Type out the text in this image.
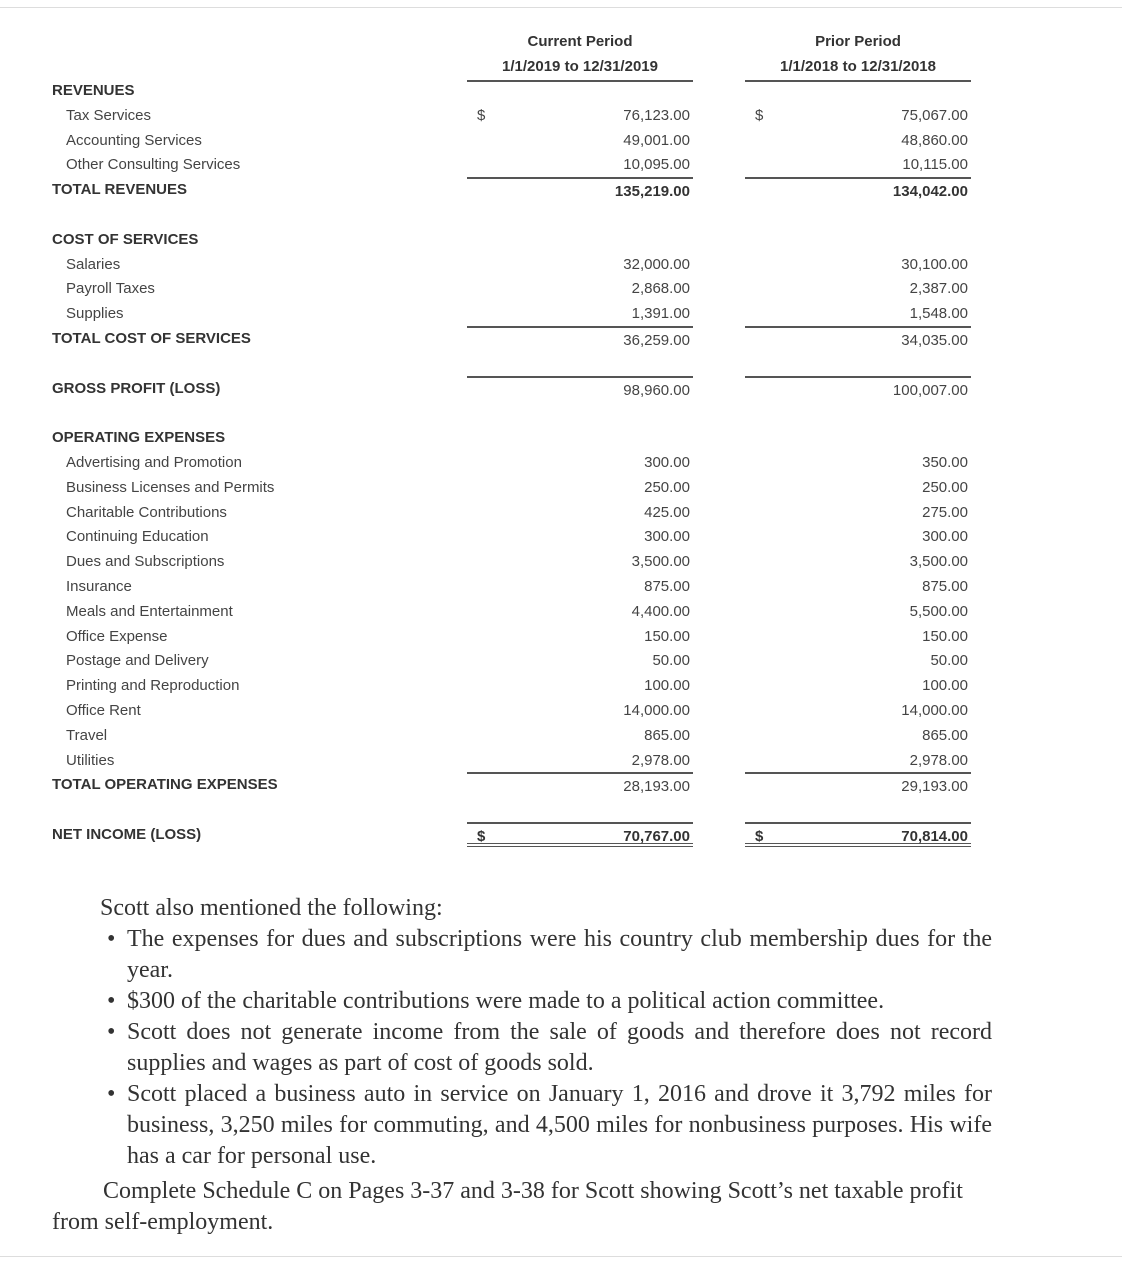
Current Period
1/1/2019 to 12/31/2019
Prior Period
1/1/2018 to 12/31/2018
REVENUES
Tax Services	$	76,123.00	$	75,067.00
Accounting Services	49,001.00	48,860.00
Other Consulting Services	10,095.00	10,115.00
TOTAL REVENUES	135,219.00	134,042.00
COST OF SERVICES
Salaries	32,000.00	30,100.00
Payroll Taxes	2,868.00	2,387.00
Supplies	1,391.00	1,548.00
TOTAL COST OF SERVICES	36,259.00	34,035.00
GROSS PROFIT (LOSS)	98,960.00	100,007.00
OPERATING EXPENSES
Advertising and Promotion	300.00	350.00
Business Licenses and Permits	250.00	250.00
Charitable Contributions	425.00	275.00
Continuing Education	300.00	300.00
Dues and Subscriptions	3,500.00	3,500.00
Insurance	875.00	875.00
Meals and Entertainment	4,400.00	5,500.00
Office Expense	150.00	150.00
Postage and Delivery	50.00	50.00
Printing and Reproduction	100.00	100.00
Office Rent	14,000.00	14,000.00
Travel	865.00	865.00
Utilities	2,978.00	2,978.00
TOTAL OPERATING EXPENSES	28,193.00	29,193.00
NET INCOME (LOSS)	$	70,767.00	$	70,814.00
Scott also mentioned the following:
• The expenses for dues and subscriptions were his country club membership dues for the year.
• $300 of the charitable contributions were made to a political action committee.
• Scott does not generate income from the sale of goods and therefore does not record supplies and wages as part of cost of goods sold.
• Scott placed a business auto in service on January 1, 2016 and drove it 3,792 miles for business, 3,250 miles for commuting, and 4,500 miles for nonbusiness purposes. His wife has a car for personal use.
Complete Schedule C on Pages 3-37 and 3-38 for Scott showing Scott’s net taxable profit from self-employment.
